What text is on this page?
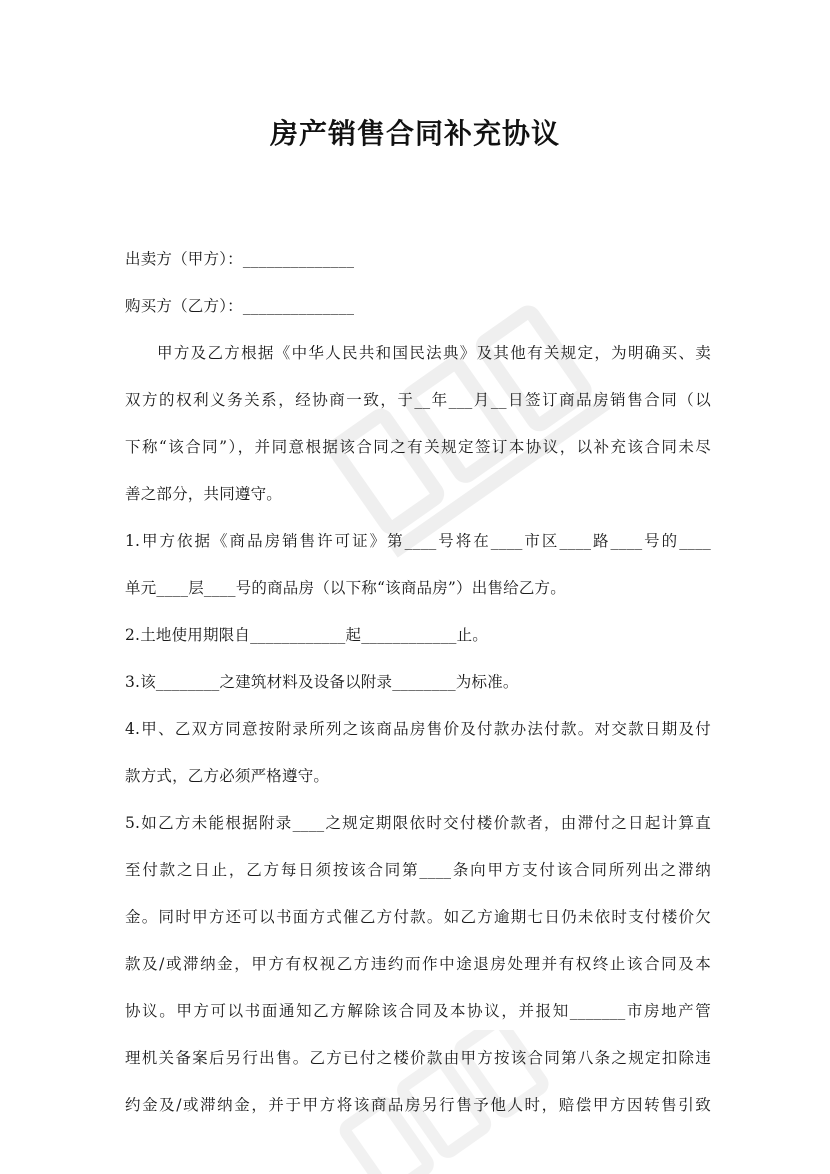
房产销售合同补充协议
出卖方（甲方）：______________
购买方（乙方）：______________
甲方及乙方根据《中华人民共和国民法典》及其他有关规定，为明确买、卖
双方的权利义务关系，经协商一致，于__年___月__日签订商品房销售合同（以
下称“该合同”），并同意根据该合同之有关规定签订本协议，以补充该合同未尽
善之部分，共同遵守。
1.甲方依据《商品房销售许可证》第____号将在____市区____路____号的____
单元____层____号的商品房（以下称“该商品房”）出售给乙方。
2.土地使用期限自____________起____________止。
3.该________之建筑材料及设备以附录________为标准。
4.甲、乙双方同意按附录所列之该商品房售价及付款办法付款。对交款日期及付
款方式，乙方必须严格遵守。
5.如乙方未能根据附录____之规定期限依时交付楼价款者，由滞付之日起计算直
至付款之日止，乙方每日须按该合同第____条向甲方支付该合同所列出之滞纳
金。同时甲方还可以书面方式催乙方付款。如乙方逾期七日仍未依时支付楼价欠
款及/或滞纳金，甲方有权视乙方违约而作中途退房处理并有权终止该合同及本
协议。甲方可以书面通知乙方解除该合同及本协议，并报知_______市房地产管
理机关备案后另行出售。乙方已付之楼价款由甲方按该合同第八条之规定扣除违
约金及/或滞纳金，并于甲方将该商品房另行售予他人时，赔偿甲方因转售引致
